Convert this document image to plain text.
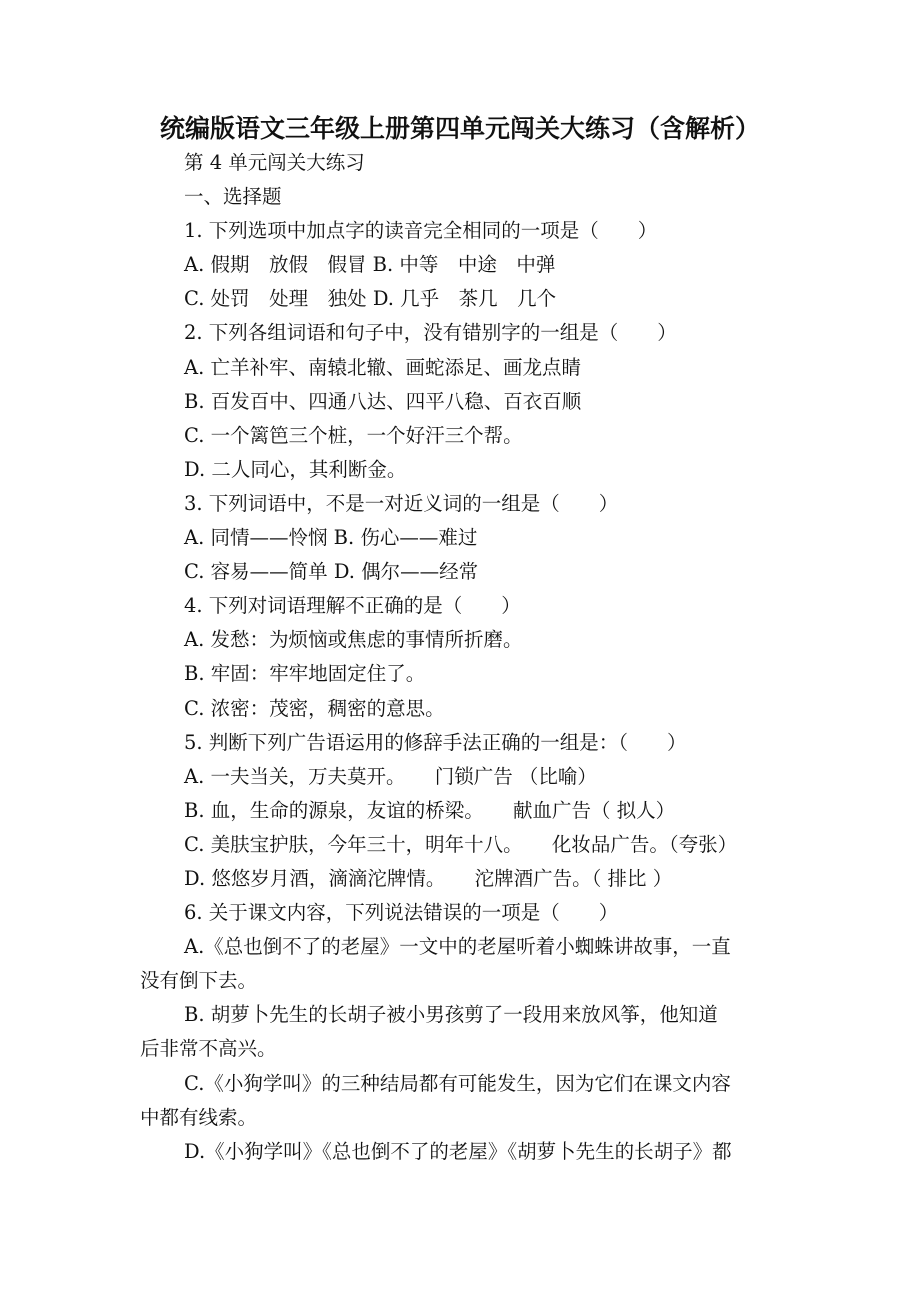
统编版语文三年级上册第四单元闯关大练习（含解析）
第 4 单元闯关大练习
一、选择题
1. 下列选项中加点字的读音完全相同的一项是（　　）
A. 假期　放假　假冒 B. 中等　中途　中弹
C. 处罚　处理　独处 D. 几乎　茶几　几个
2. 下列各组词语和句子中，没有错别字的一组是（　　）
A. 亡羊补牢、南辕北辙、画蛇添足、画龙点睛
B. 百发百中、四通八达、四平八稳、百衣百顺
C. 一个篱笆三个桩，一个好汗三个帮。
D. 二人同心，其利断金。
3. 下列词语中，不是一对近义词的一组是（　　）
A. 同情——怜悯 B. 伤心——难过
C. 容易——简单 D. 偶尔——经常
4. 下列对词语理解不正确的是（　　）
A. 发愁：为烦恼或焦虑的事情所折磨。
B. 牢固：牢牢地固定住了。
C. 浓密：茂密，稠密的意思。
5. 判断下列广告语运用的修辞手法正确的一组是：（　　）
A. 一夫当关，万夫莫开。　　门锁广告 （比喻）
B. 血，生命的源泉，友谊的桥梁。　　献血广告（ 拟人）
C. 美肤宝护肤，今年三十，明年十八。　　化妆品广告。（夸张）
D. 悠悠岁月酒，滴滴沱牌情。　　沱牌酒广告。（ 排比 ）
6. 关于课文内容，下列说法错误的一项是（　　）
A.《总也倒不了的老屋》一文中的老屋听着小蜘蛛讲故事，一直
没有倒下去。
B. 胡萝卜先生的长胡子被小男孩剪了一段用来放风筝，他知道
后非常不高兴。
C.《小狗学叫》的三种结局都有可能发生，因为它们在课文内容
中都有线索。
D.《小狗学叫》《总也倒不了的老屋》《胡萝卜先生的长胡子》都
